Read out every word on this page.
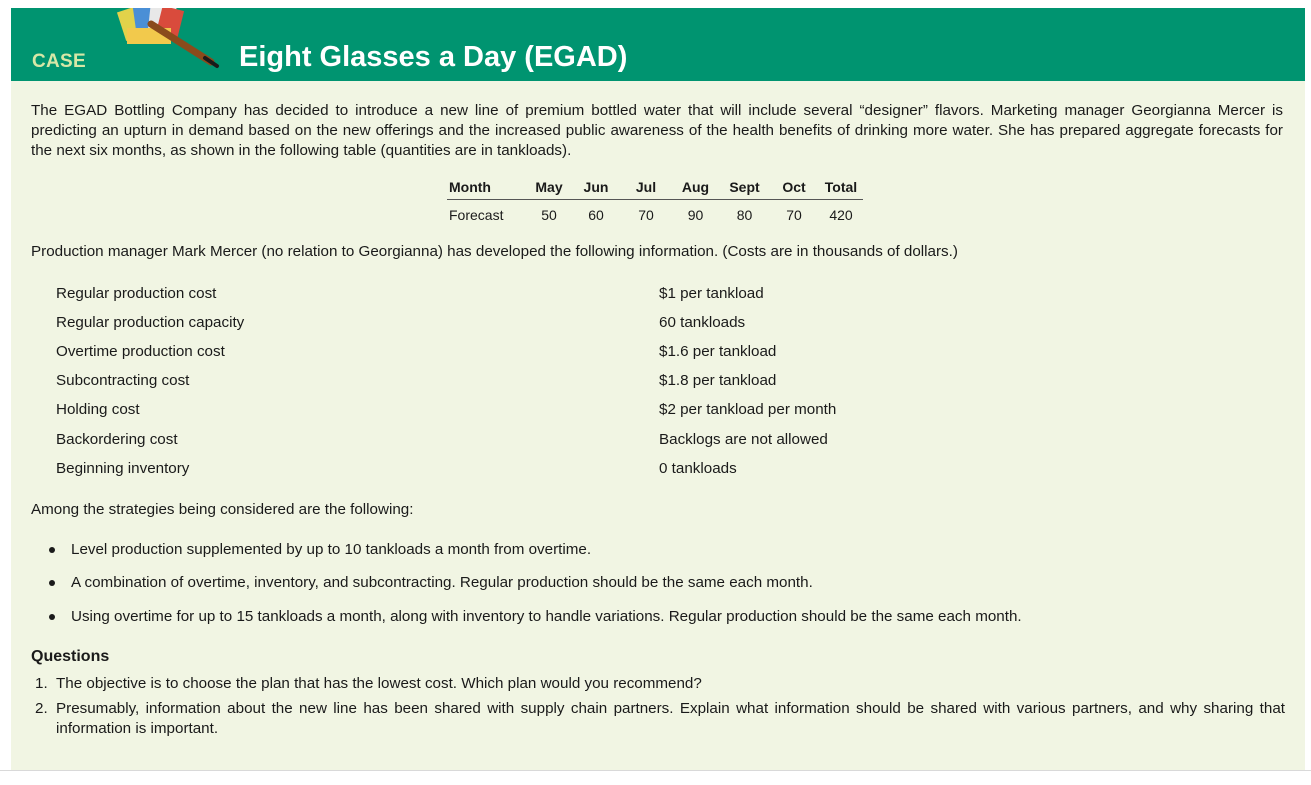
CASE	Eight Glasses a Day (EGAD)

The EGAD Bottling Company has decided to introduce a new line of premium bottled water that will include several “designer” flavors. Marketing manager Georgianna Mercer is predicting an upturn in demand based on the new offerings and the increased public awareness of the health benefits of drinking more water. She has prepared aggregate forecasts for the next six months, as shown in the following table (quantities are in tankloads).

Month	May	Jun	Jul	Aug	Sept	Oct	Total
Forecast	50	60	70	90	80	70	420

Production manager Mark Mercer (no relation to Georgianna) has developed the following information. (Costs are in thousands of dollars.)

Regular production cost	$1 per tankload
Regular production capacity	60 tankloads
Overtime production cost	$1.6 per tankload
Subcontracting cost	$1.8 per tankload
Holding cost	$2 per tankload per month
Backordering cost	Backlogs are not allowed
Beginning inventory	0 tankloads

Among the strategies being considered are the following:

Level production supplemented by up to 10 tankloads a month from overtime.
A combination of overtime, inventory, and subcontracting. Regular production should be the same each month.
Using overtime for up to 15 tankloads a month, along with inventory to handle variations. Regular production should be the same each month.
Questions
1. The objective is to choose the plan that has the lowest cost. Which plan would you recommend?
2. Presumably, information about the new line has been shared with supply chain partners. Explain what information should be shared with various partners, and why sharing that information is important.
